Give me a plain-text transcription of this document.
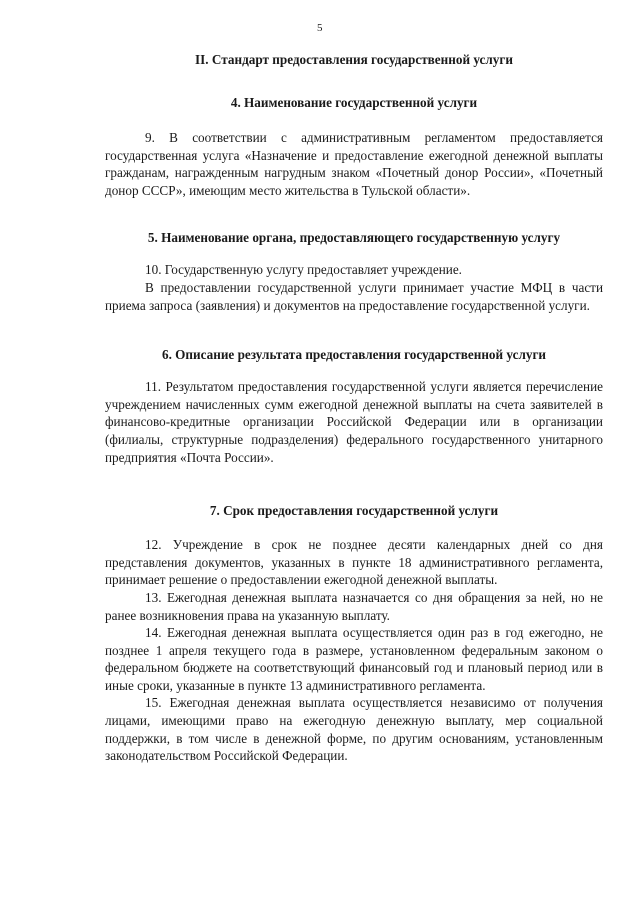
5
II. Стандарт предоставления государственной услуги
4. Наименование государственной услуги

9. В соответствии с административным регламентом предоставляется государственная услуга «Назначение и предоставление ежегодной денежной выплаты гражданам, награжденным нагрудным знаком «Почетный донор России», «Почетный донор СССР», имеющим место жительства в Тульской области».

5. Наименование органа, предоставляющего государственную услугу

10. Государственную услугу предоставляет учреждение.

В предоставлении государственной услуги принимает участие МФЦ в части приема запроса (заявления) и документов на предоставление государственной услуги.

6. Описание результата предоставления государственной услуги

11. Результатом предоставления государственной услуги является перечисление учреждением начисленных сумм ежегодной денежной выплаты на счета заявителей в финансово-кредитные организации Российской Федерации или в организации (филиалы, структурные подразделения) федерального государственного унитарного предприятия «Почта России».

7. Срок предоставления государственной услуги

12. Учреждение в срок не позднее десяти календарных дней со дня представления документов, указанных в пункте 18 административного регламента, принимает решение о предоставлении ежегодной денежной выплаты.

13. Ежегодная денежная выплата назначается со дня обращения за ней, но не ранее возникновения права на указанную выплату.

14. Ежегодная денежная выплата осуществляется один раз в год ежегодно, не позднее 1 апреля текущего года в размере, установленном федеральным законом о федеральном бюджете на соответствующий финансовый год и плановый период или в иные сроки, указанные в пункте 13 административного регламента.

15. Ежегодная денежная выплата осуществляется независимо от получения лицами, имеющими право на ежегодную денежную выплату, мер социальной поддержки, в том числе в денежной форме, по другим основаниям, установленным законодательством Российской Федерации.
